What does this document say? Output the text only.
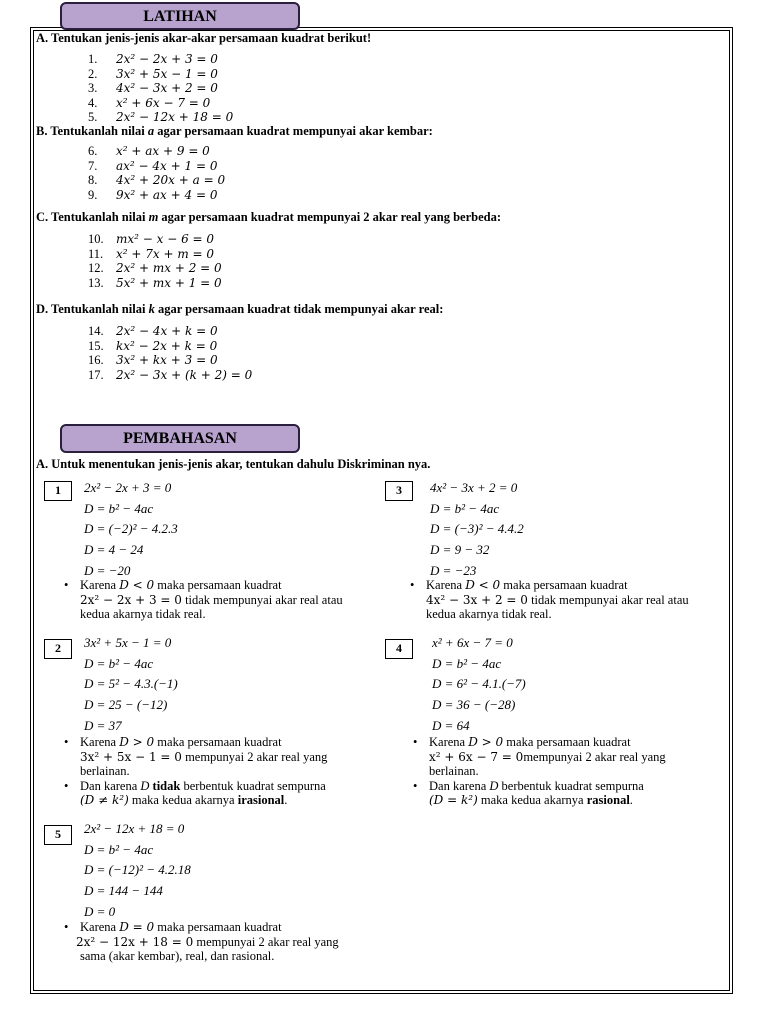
LATIHAN
A. Tentukan jenis-jenis akar-akar persamaan kuadrat berikut!
1. 2x² − 2x + 3 = 0
2. 3x² + 5x − 1 = 0
3. 4x² − 3x + 2 = 0
4. x² + 6x − 7 = 0
5. 2x² − 12x + 18 = 0
B. Tentukanlah nilai a agar persamaan kuadrat mempunyai akar kembar:
6. x² + ax + 9 = 0
7. ax² − 4x + 1 = 0
8. 4x² + 20x + a = 0
9. 9x² + ax + 4 = 0
C. Tentukanlah nilai m agar persamaan kuadrat mempunyai 2 akar real yang berbeda:
10. mx² − x − 6 = 0
11. x² + 7x + m = 0
12. 2x² + mx + 2 = 0
13. 5x² + mx + 1 = 0
D. Tentukanlah nilai k agar persamaan kuadrat tidak mempunyai akar real:
14. 2x² − 4x + k = 0
15. kx² − 2x + k = 0
16. 3x² + kx + 3 = 0
17. 2x² − 3x + (k + 2) = 0
PEMBAHASAN
A. Untuk menentukan jenis-jenis akar, tentukan dahulu Diskriminan nya.
1	2x² − 2x + 3 = 0
D = b² − 4ac
D = (−2)² − 4.2.3
D = 4 − 24
D = −20
• Karena D < 0 maka persamaan kuadrat
2x² − 2x + 3 = 0 tidak mempunyai akar real atau
kedua akarnya tidak real.
3	4x² − 3x + 2 = 0
D = b² − 4ac
D = (−3)² − 4.4.2
D = 9 − 32
D = −23
• Karena D < 0 maka persamaan kuadrat
4x² − 3x + 2 = 0 tidak mempunyai akar real atau
kedua akarnya tidak real.
2	3x² + 5x − 1 = 0
D = b² − 4ac
D = 5² − 4.3.(−1)
D = 25 − (−12)
D = 37
• Karena D > 0 maka persamaan kuadrat
3x² + 5x − 1 = 0 mempunyai 2 akar real yang
berlainan.
• Dan karena D tidak berbentuk kuadrat sempurna
(D ≠ k²) maka kedua akarnya irasional.
4	x² + 6x − 7 = 0
D = b² − 4ac
D = 6² − 4.1.(−7)
D = 36 − (−28)
D = 64
• Karena D > 0 maka persamaan kuadrat
x² + 6x − 7 = 0mempunyai 2 akar real yang
berlainan.
• Dan karena D berbentuk kuadrat sempurna
(D = k²) maka kedua akarnya rasional.
5	2x² − 12x + 18 = 0
D = b² − 4ac
D = (−12)² − 4.2.18
D = 144 − 144
D = 0
• Karena D = 0 maka persamaan kuadrat
2x² − 12x + 18 = 0 mempunyai 2 akar real yang
sama (akar kembar), real, dan rasional.
